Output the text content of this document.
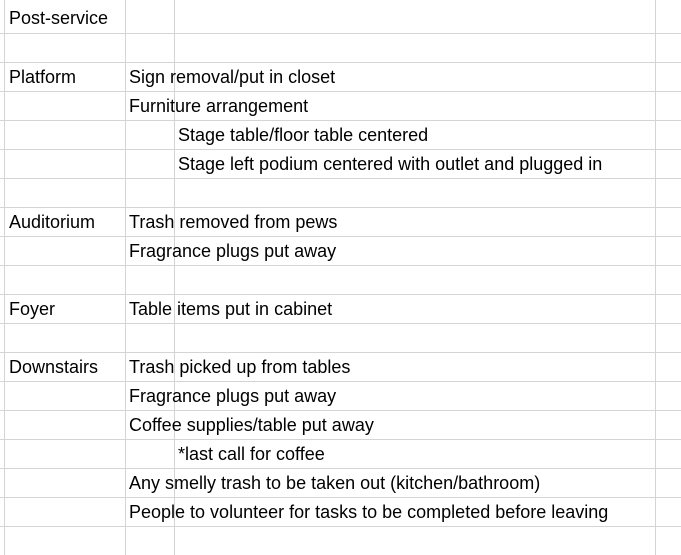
Post-service
Platform	Sign removal/put in closet
Furniture arrangement
Stage table/floor table centered
Stage left podium centered with outlet and plugged in
Auditorium Trash removed from pews
Fragrance plugs put away
Foyer	Table items put in cabinet
Downstairs Trash picked up from tables
Fragrance plugs put away
Coffee supplies/table put away
*last call for coffee
Any smelly trash to be taken out (kitchen/bathroom)
People to volunteer for tasks to be completed before leaving
